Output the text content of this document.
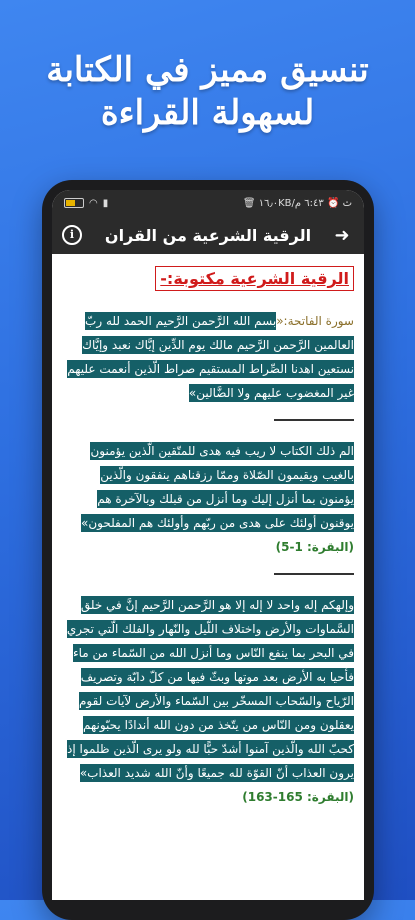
تنسيق مميز في الكتابة
لسهولة القراءة
◠ ▮	🗑 ١٦٫٠KB/ث ⏰ ٦:٤٣ م
i	الرقية الشرعية من القران ➜
الرقية الشرعية مكتوبة:-
سورة الفاتحة:«بسم الله الرَّحمن الرَّحيم الحمد لله ربّ العالمين الرَّحمن الرَّحيم مالك يوم الدِّين إيَّاك نعبد وإيَّاك نستعين اهدنا الصِّراط المستقيم صراط الَّذين أنعمت عليهم غير المغضوب عليهم ولا الضَّالين»
الم ذلك الكتاب لا ريب فيه هدى للمتّقين الّذين يؤمنون بالغيب ويقيمون الصّلاة وممّا رزقناهم ينفقون والّذين يؤمنون بما أنزل إليك وما أنزل من قبلك وبالآخرة هم يوقنون أولئك على هدى من ربّهم وأولئك هم المفلحون» (البقرة: 1-5)
وإلهكم إله واحد لا إله إلا هو الرَّحمن الرَّحيم إنَّ في خلق السَّماوات والأرض واختلاف اللّيل والنّهار والفلك الّتي تجري في البحر بما ينفع النّاس وما أنزل الله من السّماء من ماء فأحيا به الأرض بعد موتها وبثّ فيها من كلّ دابّة وتصريف الرّياح والسّحاب المسخّر بين السّماء والأرض لآيات لقوم يعقلون ومن النّاس من يتّخذ من دون الله أندادًا يحبّونهم كحبّ الله والّذين آمنوا أشدّ حبًّا لله ولو يرى الّذين ظلموا إذ يرون العذاب أنّ القوّة لله جميعًا وأنّ الله شديد العذاب» (البقرة: 165-163)
